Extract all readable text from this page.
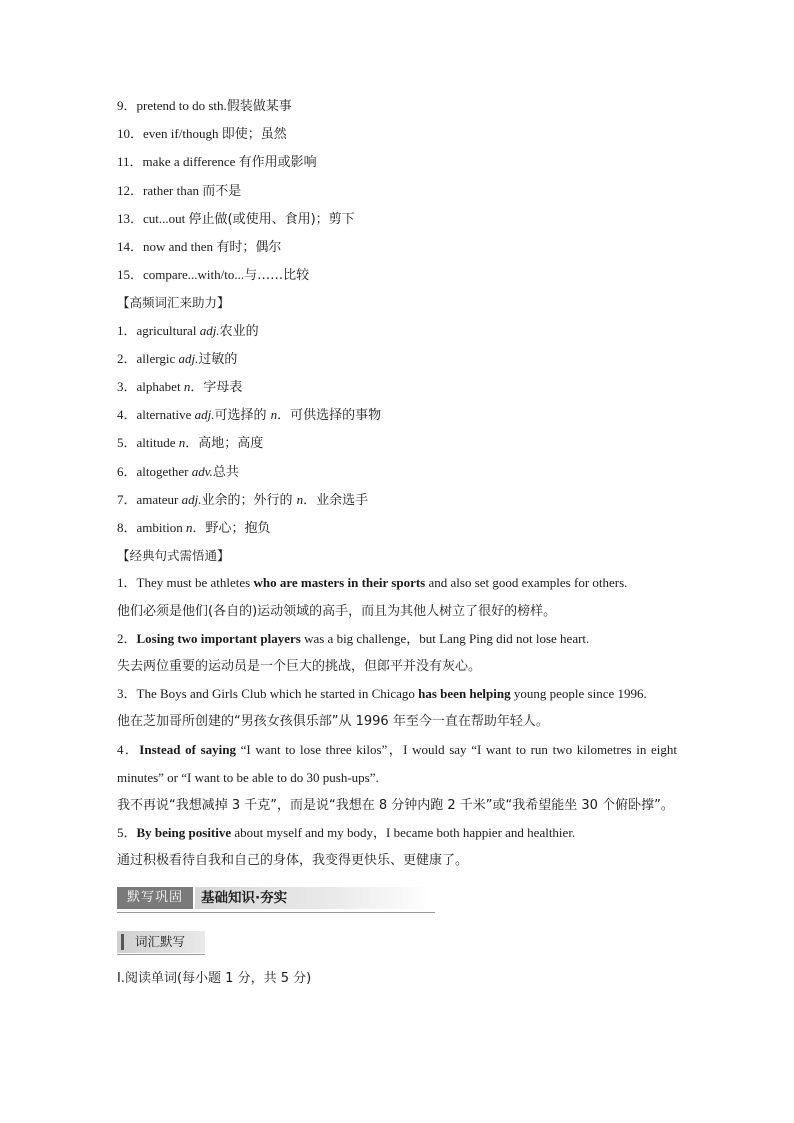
9．pretend to do sth.假装做某事
10．even if/though 即使；虽然
11．make a difference 有作用或影响
12．rather than 而不是
13．cut...out 停止做(或使用、食用)；剪下
14．now and then 有时；偶尔
15．compare...with/to...与……比较
【高频词汇来助力】
1．agricultural adj.农业的
2．allergic adj.过敏的
3．alphabet n．字母表
4．alternative adj.可选择的 n．可供选择的事物
5．altitude n．高地；高度
6．altogether adv.总共
7．amateur adj.业余的；外行的 n．业余选手
8．ambition n．野心；抱负
【经典句式需悟通】
1．They must be athletes who are masters in their sports and also set good examples for others.
他们必须是他们(各自的)运动领域的高手，而且为其他人树立了很好的榜样。
2．Losing two important players was a big challenge，but Lang Ping did not lose heart.
失去两位重要的运动员是一个巨大的挑战，但郎平并没有灰心。
3．The Boys and Girls Club which he started in Chicago has been helping young people since 1996.
他在芝加哥所创建的“男孩女孩俱乐部”从 1996 年至今一直在帮助年轻人。
4．Instead of saying “I want to lose three kilos”，I would say “I want to run two kilometres in eight minutes” or “I want to be able to do 30 push-ups”.
我不再说“我想减掉 3 千克”，而是说“我想在 8 分钟内跑 2 千米”或“我希望能坐 30 个俯卧撑”。
5．By being positive about myself and my body，I became both happier and healthier.
通过积极看待自我和自己的身体，我变得更快乐、更健康了。
默写巩固	基础知识·夯实
词汇默写
Ⅰ.阅读单词(每小题 1 分，共 5 分)
